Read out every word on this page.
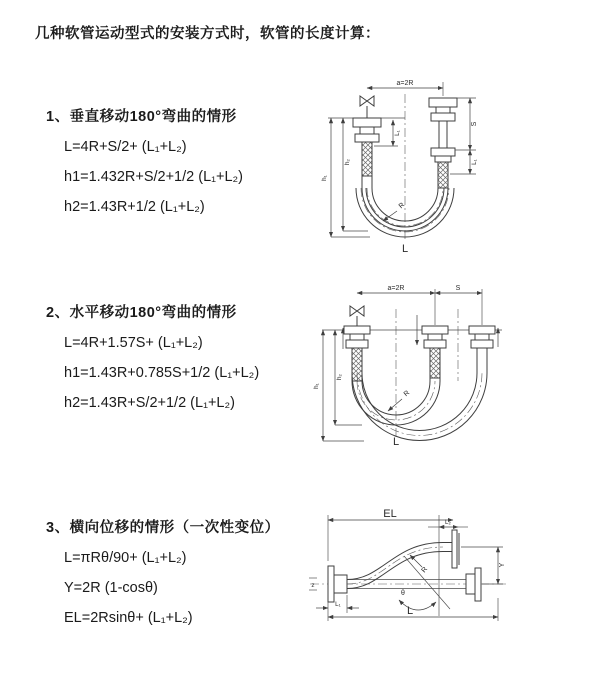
几种软管运动型式的安装方式时，软管的长度计算：
1、垂直移动180°弯曲的情形
L=4R+S/2+ (L₁+L₂)
h1=1.432R+S/2+1/2 (L₁+L₂)
h2=1.43R+1/2 (L₁+L₂)
2、水平移动180°弯曲的情形
L=4R+1.57S+ (L₁+L₂)
h1=1.43R+0.785S+1/2 (L₁+L₂)
h2=1.43R+S/2+1/2 (L₁+L₂)
3、横向位移的情形（一次性变位）
L=πRθ/90+ (L₁+L₂)
Y=2R (1-cosθ)
EL=2Rsinθ+ (L₁+L₂)
a=2R
L₁
R
L
S
L₁
h₁
h₂
a=2R	S
R
L
h₁
h₂
EL
L₂
z
R
θ
Y
L₁
L
